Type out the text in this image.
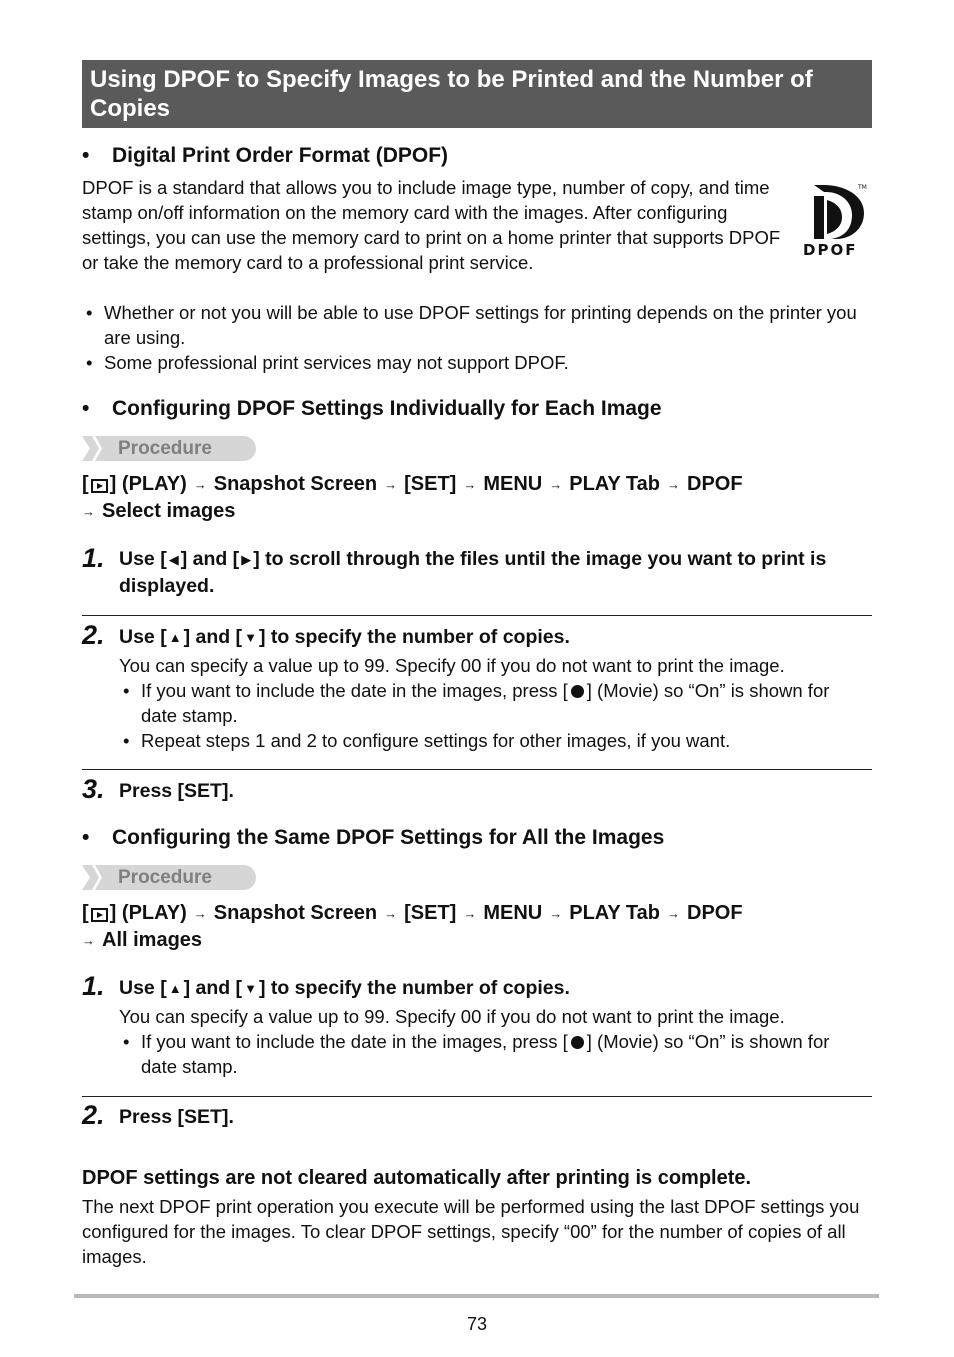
Using DPOF to Specify Images to be Printed and the Number of Copies
• Digital Print Order Format (DPOF)
DPOF is a standard that allows you to include image type, number of copy, and time stamp on/off information on the memory card with the images. After configuring settings, you can use the memory card to print on a home printer that supports DPOF or take the memory card to a professional print service.
TM
DPOF
• Whether or not you will be able to use DPOF settings for printing depends on the printer you are using.
• Some professional print services may not support DPOF.
• Configuring DPOF Settings Individually for Each Image
Procedure
[ ] (PLAY) → Snapshot Screen → [SET] → MENU → PLAY Tab → DPOF
→ Select images
1. Use [ ◀ ] and [ ▶ ] to scroll through the files until the image you want to print is displayed.
2. Use [ ▲ ] and [ ▼ ] to specify the number of copies.
You can specify a value up to 99. Specify 00 if you do not want to print the image.
• If you want to include the date in the images, press [ ] (Movie) so “On” is shown for date stamp.
• Repeat steps 1 and 2 to configure settings for other images, if you want.
3. Press [SET].
• Configuring the Same DPOF Settings for All the Images
Procedure
[ ] (PLAY) → Snapshot Screen → [SET] → MENU → PLAY Tab → DPOF
→ All images
1. Use [ ▲ ] and [ ▼ ] to specify the number of copies.
You can specify a value up to 99. Specify 00 if you do not want to print the image.
• If you want to include the date in the images, press [ ] (Movie) so “On” is shown for date stamp.
2. Press [SET].
DPOF settings are not cleared automatically after printing is complete.
The next DPOF print operation you execute will be performed using the last DPOF settings you configured for the images. To clear DPOF settings, specify “00” for the number of copies of all images.
73
